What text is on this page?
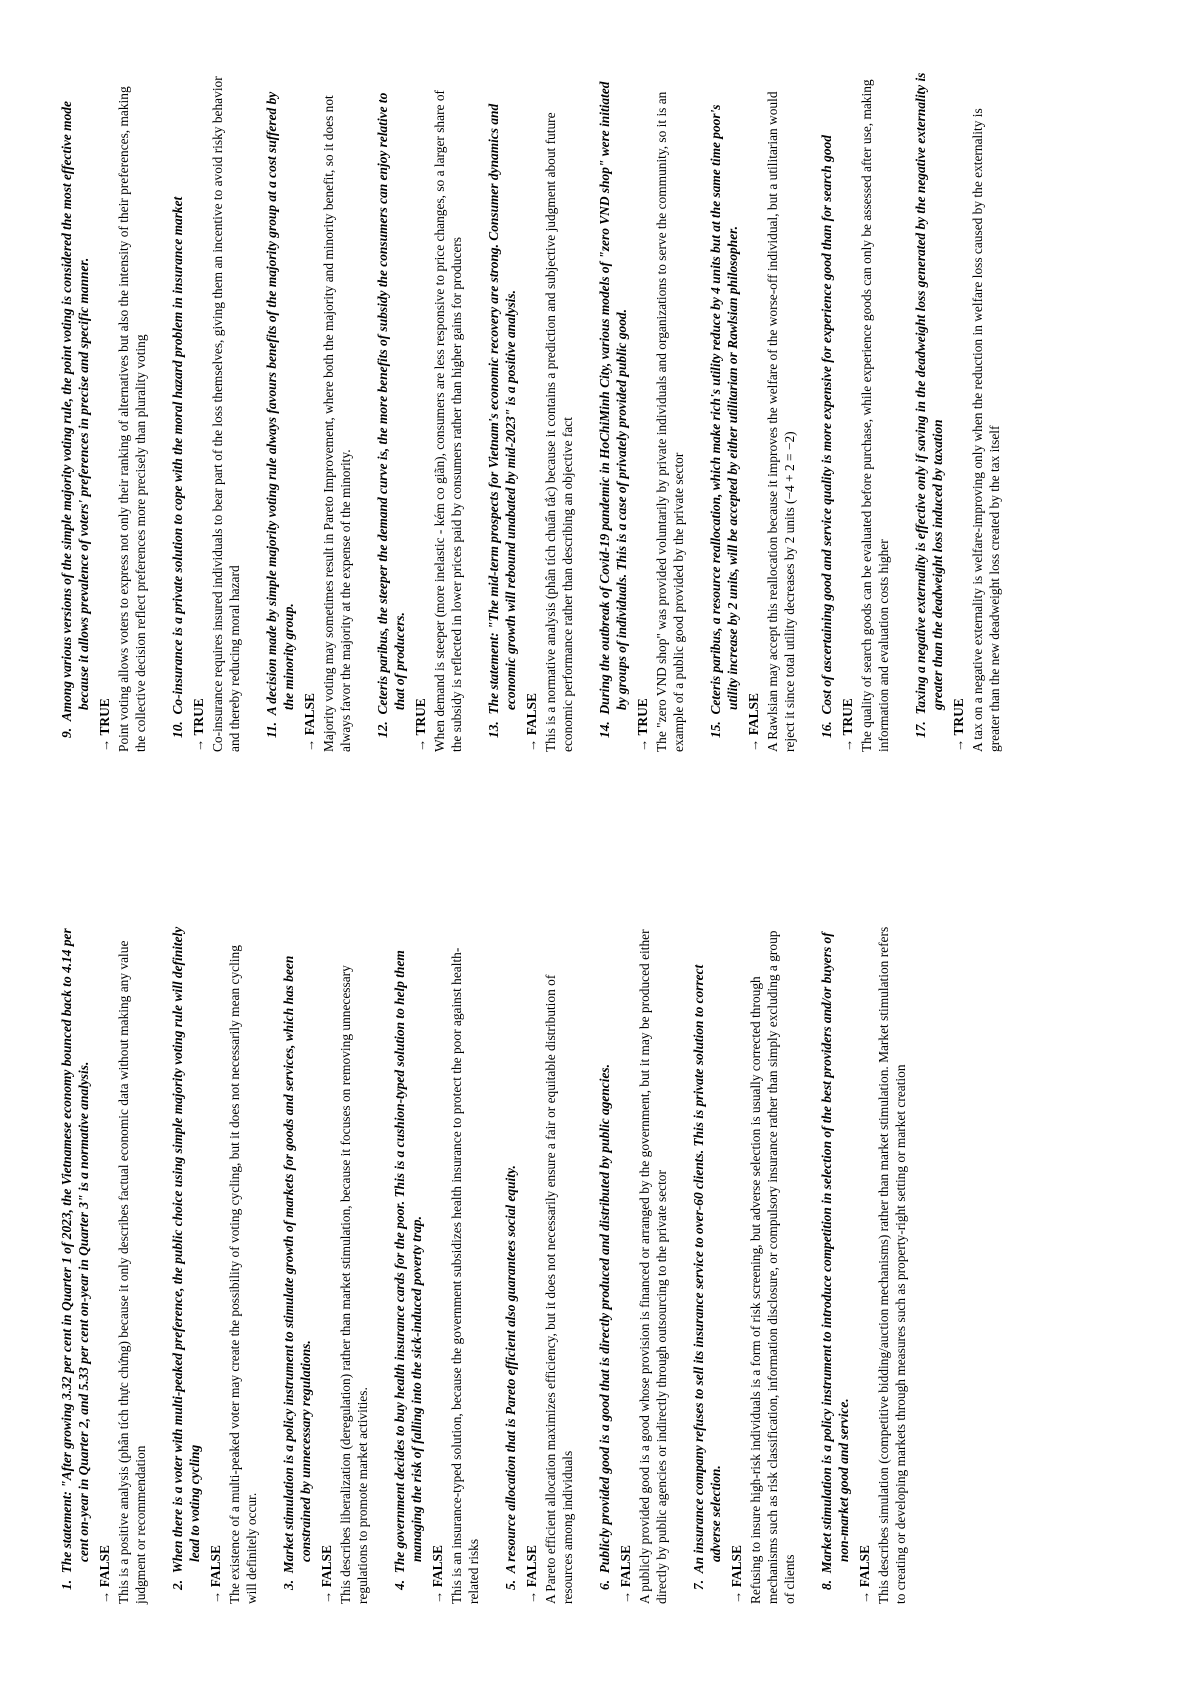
1.  The statement: "After growing 3.32 per cent in Quarter 1 of 2023, the Vietnamese economy bounced back to 4.14 per cent on-year in Quarter 2, and 5.33 per cent on-year in Quarter 3" is a normative analysis.

→ FALSE This is a positive analysis (phân tích thực chứng) because it only describes factual economic data without making any value judgment or recommendation 2.  When there is a voter with multi-peaked preference, the public choice using simple majority voting rule will definitely lead to voting cycling

→ FALSE The existence of a multi-peaked voter may create the possibility of voting cycling, but it does not necessarily mean cycling will definitely occur. 3.  Market stimulation is a policy instrument to stimulate growth of markets for goods and services, which has been constrained by unnecessary regulations.

→ FALSE This describes liberalization (deregulation) rather than market stimulation, because it focuses on removing unnecessary regulations to promote market activities. 4.  The government decides to buy health insurance cards for the poor. This is a cushion-typed solution to help them managing the risk of falling into the sick-induced poverty trap.

→ FALSE This is an insurance-typed solution, because the government subsidizes health insurance to protect the poor against health-related risks 5.  A resource allocation that is Pareto efficient also guarantees social equity.

→ FALSE A Pareto efficient allocation maximizes efficiency, but it does not necessarily ensure a fair or equitable distribution of resources among individuals 6.  Publicly provided good is a good that is directly produced and distributed by public agencies.

→ FALSE A publicly provided good is a good whose provision is financed or arranged by the government, but it may be produced either directly by public agencies or indirectly through outsourcing to the private sector 7.  An insurance company refuses to sell its insurance service to over-60 clients. This is private solution to correct adverse selection.

→ FALSE Refusing to insure high-risk individuals is a form of risk screening, but adverse selection is usually corrected through mechanisms such as risk classification, information disclosure, or compulsory insurance rather than simply excluding a group of clients 8.  Market stimulation is a policy instrument to introduce competition in selection of the best providers and/or buyers of non-market good and service.

→ FALSE This describes simulation (competitive bidding/auction mechanisms) rather than market stimulation. Market stimulation refers to creating or developing markets through measures such as property-right setting or market creation

9.  Among various versions of the simple majority voting rule, the point voting is considered the most effective mode because it allows prevalence of voters' preferences in precise and specific manner.

→ TRUE Point voting allows voters to express not only their ranking of alternatives but also the intensity of their preferences, making the collective decision reflect preferences more precisely than plurality voting 10.  Co-insurance is a private solution to cope with the moral hazard problem in insurance market

→ TRUE Co-insurance requires insured individuals to bear part of the loss themselves, giving them an incentive to avoid risky behavior and thereby reducing moral hazard 11.  A decision made by simple majority voting rule always favours benefits of the majority group at a cost suffered by the minority group.

→ FALSE Majority voting may sometimes result in Pareto Improvement, where both the majority and minority benefit, so it does not always favor the majority at the expense of the minority. 12.  Ceteris paribus, the steeper the demand curve is, the more benefits of subsidy the consumers can enjoy relative to that of producers.

→ TRUE When demand is steeper (more inelastic - kém co giãn), consumers are less responsive to price changes, so a larger share of the subsidy is reflected in lower prices paid by consumers rather than higher gains for producers 13.  The statement: "The mid-term prospects for Vietnam's economic recovery are strong. Consumer dynamics and economic growth will rebound unabated by mid-2023" is a positive analysis.

→ FALSE This is a normative analysis (phân tích chuẩn tắc) because it contains a prediction and subjective judgment about future economic performance rather than describing an objective fact 14.  During the outbreak of Covid-19 pandemic in HoChiMinh City, various models of "zero VND shop" were initiated by groups of individuals. This is a case of privately provided public good.

→ TRUE The "zero VND shop" was provided voluntarily by private individuals and organizations to serve the community, so it is an example of a public good provided by the private sector 15.  Ceteris paribus, a resource reallocation, which make rich's utility reduce by 4 units but at the same time poor's utility increase by 2 units, will be accepted by either utilitarian or Rawlsian philosopher.

→ FALSE A Rawlsian may accept this reallocation because it improves the welfare of the worse-off individual, but a utilitarian would reject it since total utility decreases by 2 units (−4 + 2 = −2) 16.  Cost of ascertaining good and service quality is more expensive for experience good than for search good

→ TRUE The quality of search goods can be evaluated before purchase, while experience goods can only be assessed after use, making information and evaluation costs higher 17.  Taxing a negative externality is effective only if saving in the deadweight loss generated by the negative externality is greater than the deadweight loss induced by taxation

→ TRUE A tax on a negative externality is welfare-improving only when the reduction in welfare loss caused by the externality is greater than the new deadweight loss created by the tax itself
